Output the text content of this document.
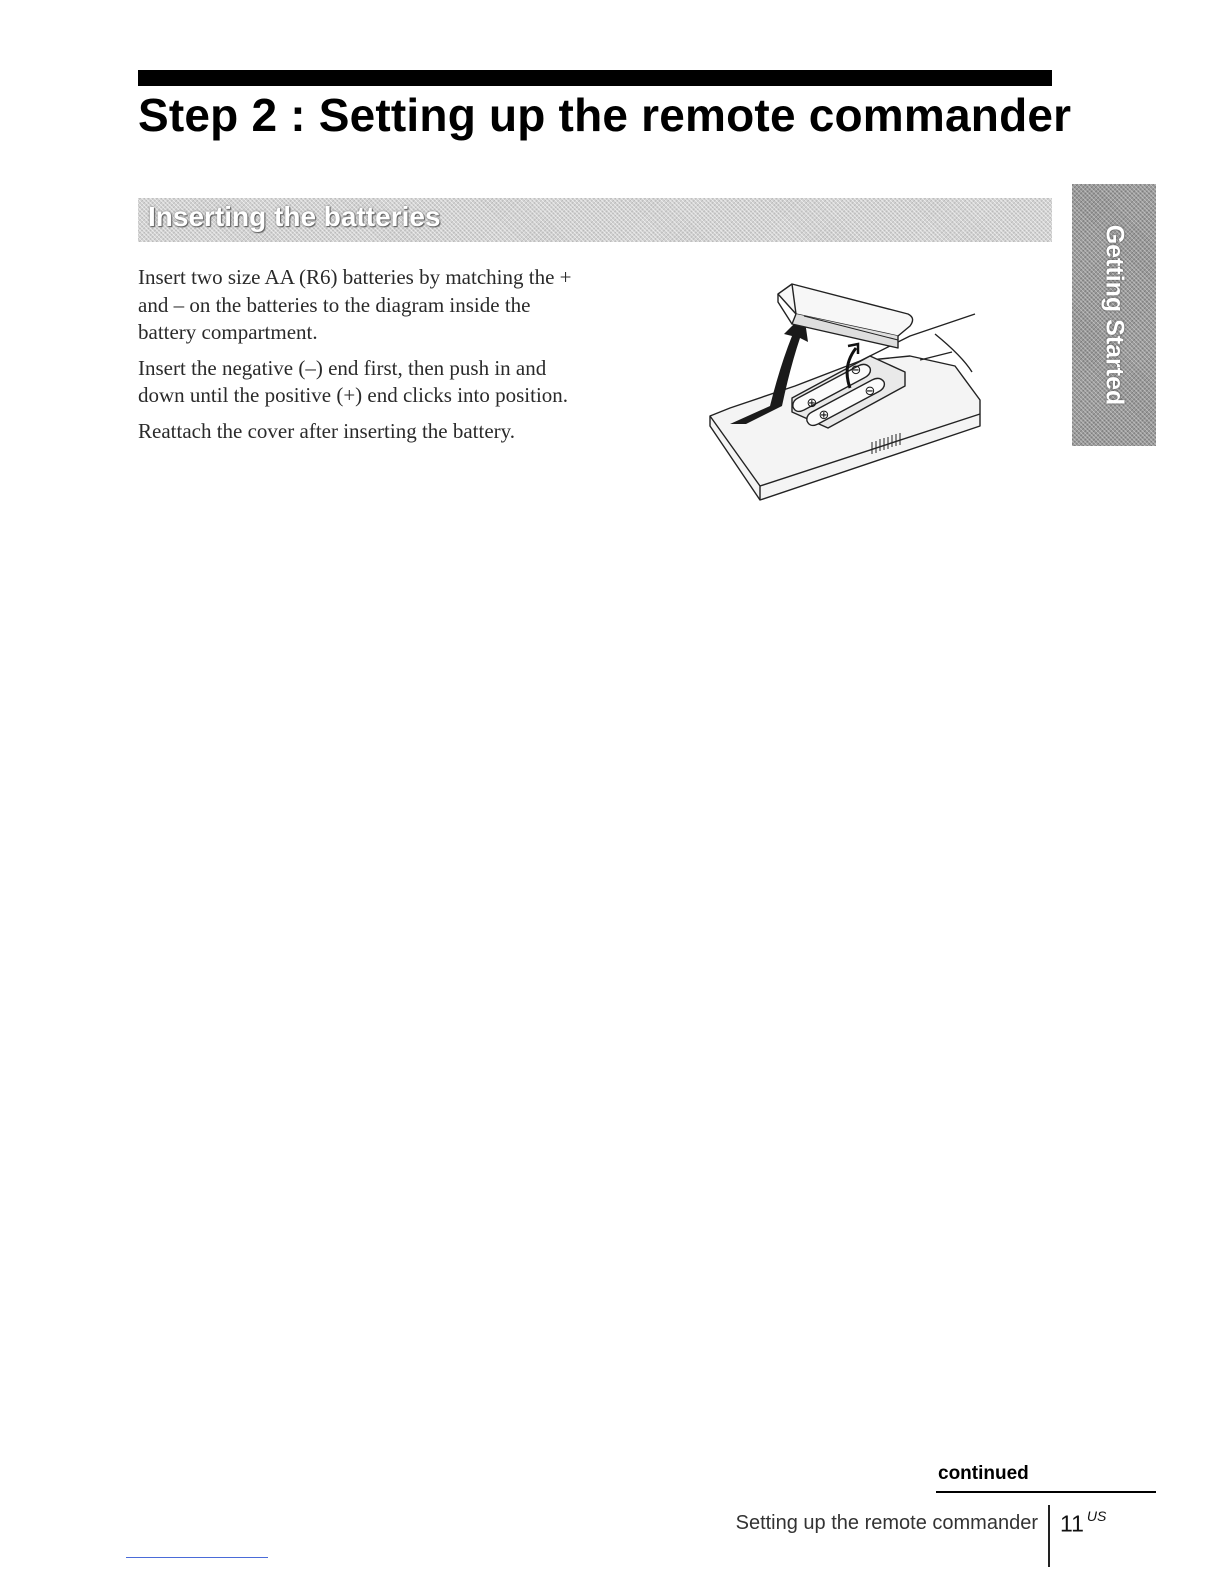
Step 2 : Setting up the remote commander
Inserting the batteries

Insert two size AA (R6) batteries by matching the + and – on the batteries to the diagram inside the battery compartment.

Insert the negative (–) end first, then push in and down until the positive (+) end clicks into position.

Reattach the cover after inserting the battery.

⊕
⊖
⊕
⊖	Getting Started
continued
Setting up the remote commander 11 $^{US}$
